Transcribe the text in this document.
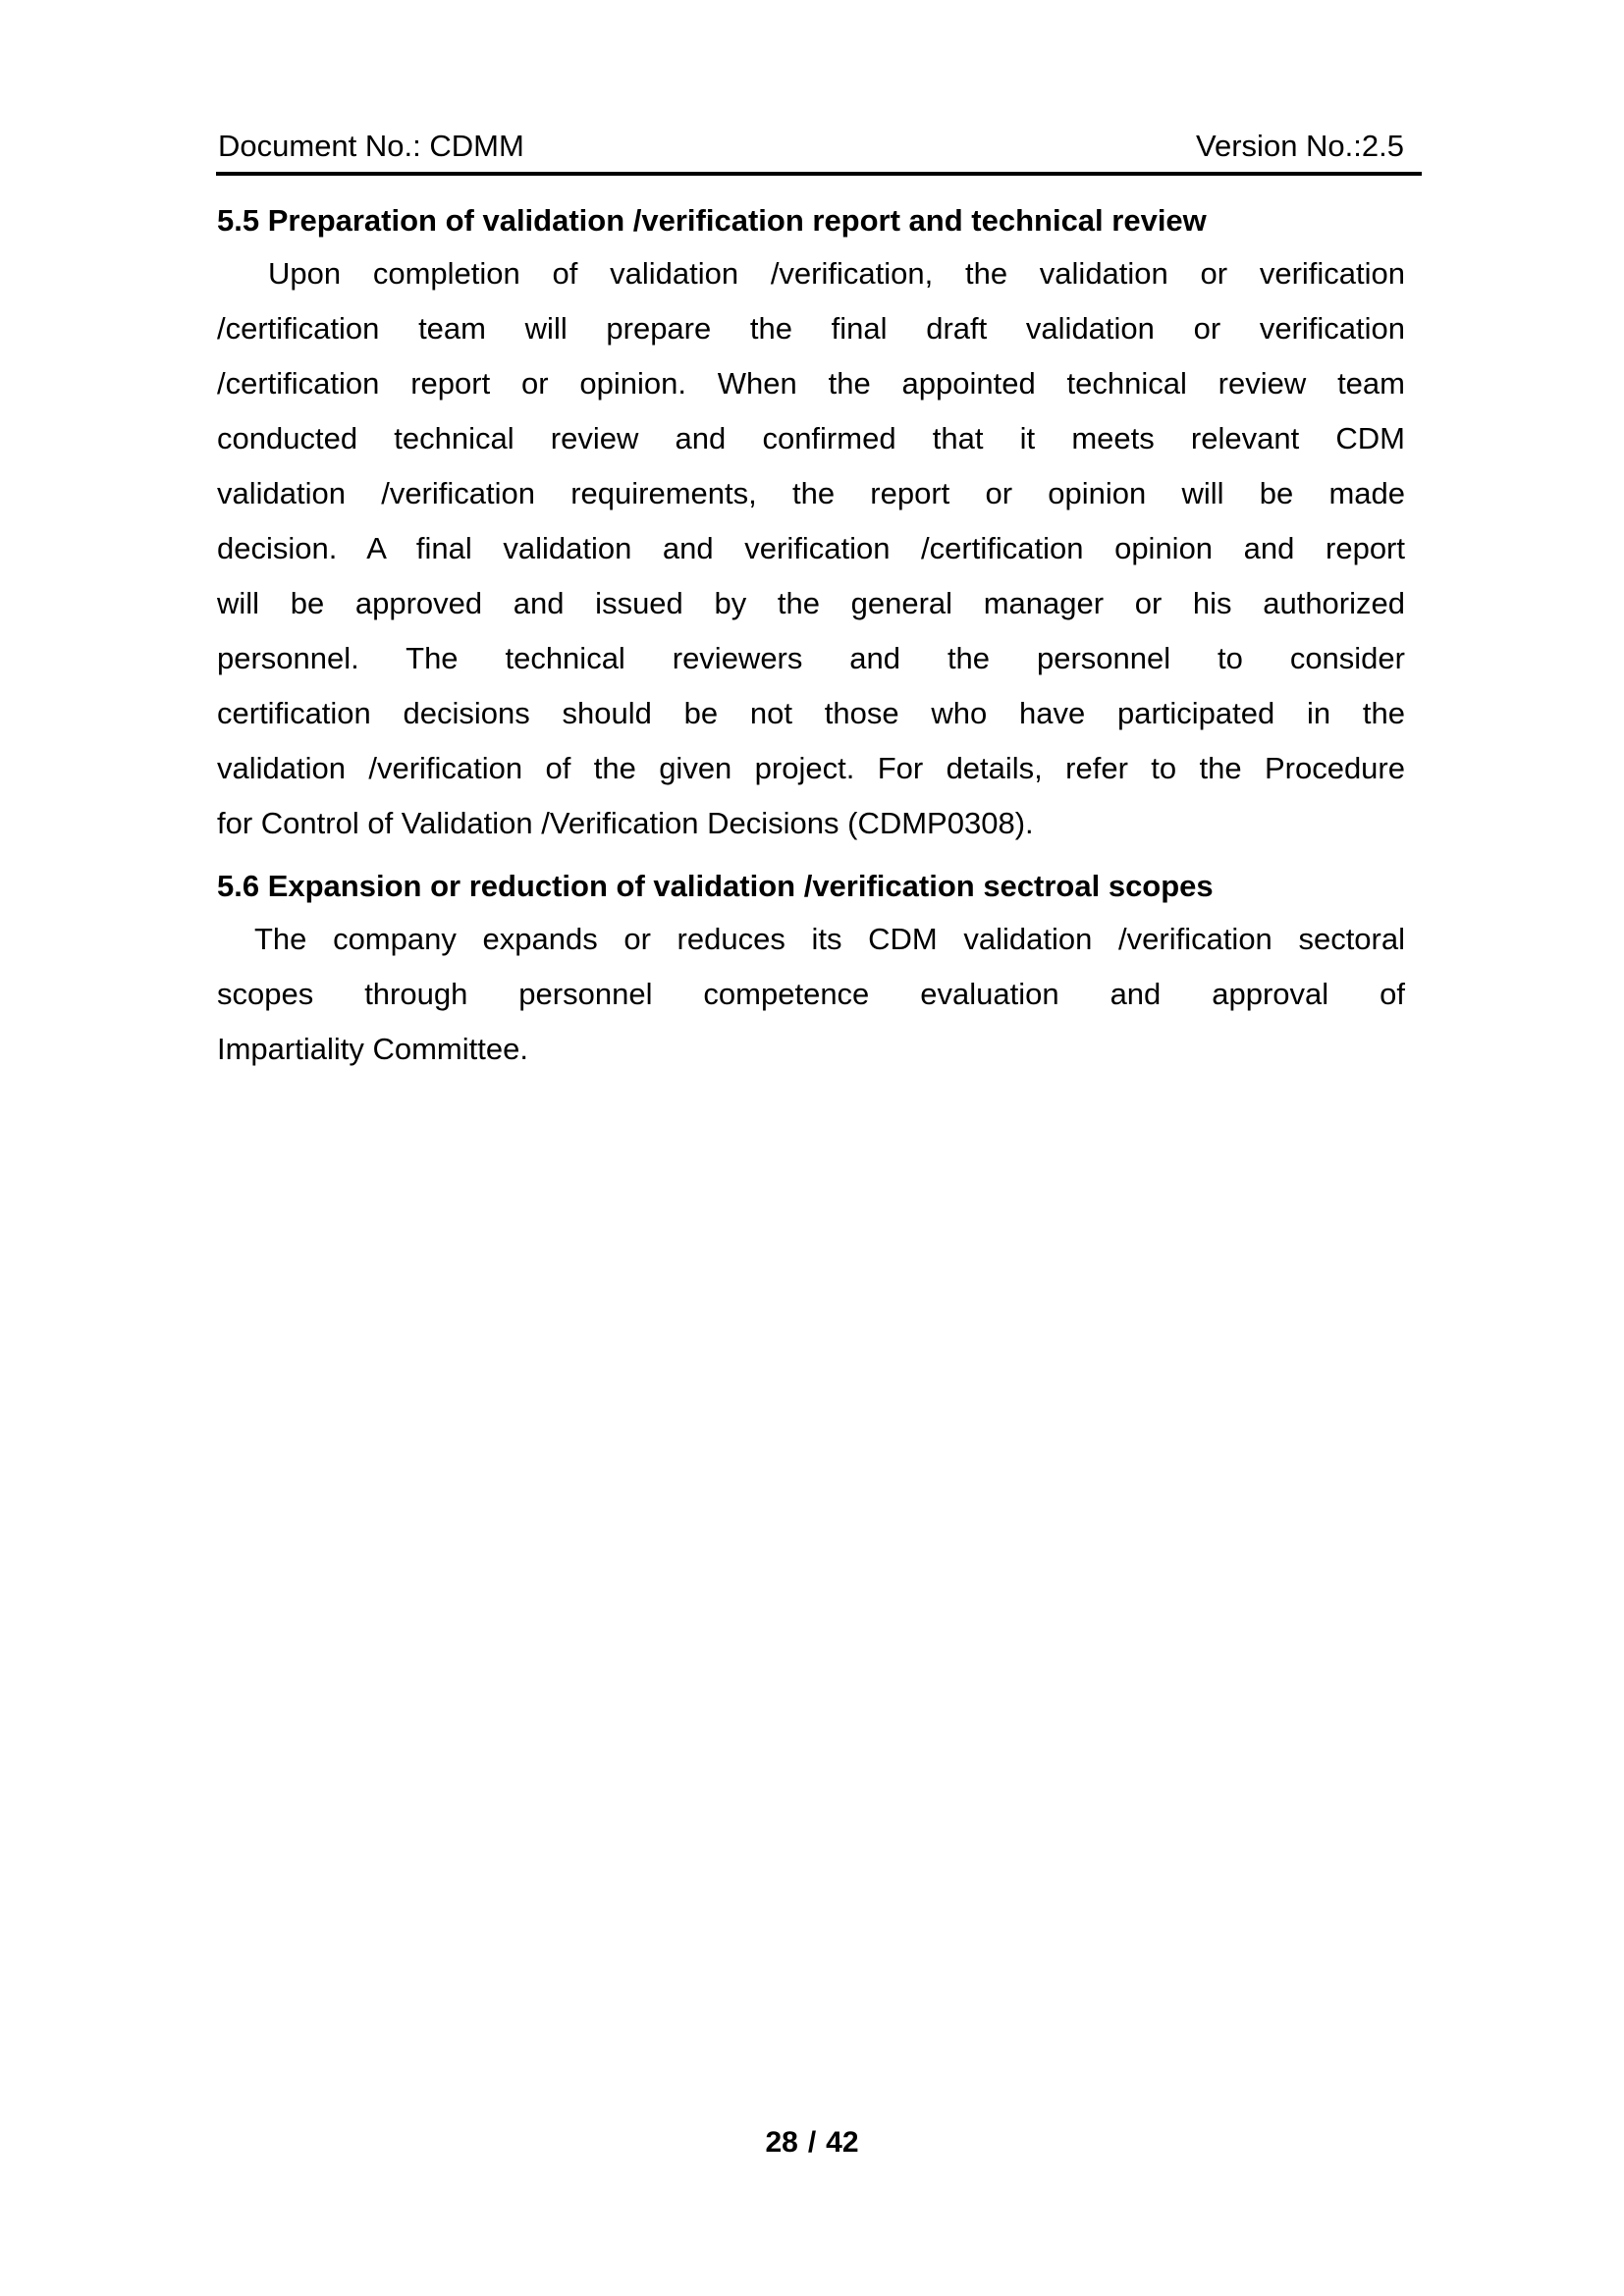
Document No.: CDMM	Version No.:2.5
5.5 Preparation of validation /verification report and technical review
Upon completion of validation /verification, the validation or verification
/certification team will prepare the final draft validation or verification
/certification report or opinion. When the appointed technical review team
conducted technical review and confirmed that it meets relevant CDM
validation /verification requirements, the report or opinion will be made
decision. A final validation and verification /certification opinion and report
will be approved and issued by the general manager or his authorized
personnel. The technical reviewers and the personnel to consider
certification decisions should be not those who have participated in the
validation /verification of the given project. For details, refer to the Procedure
for Control of Validation /Verification Decisions (CDMP0308).
5.6 Expansion or reduction of validation /verification sectroal scopes
The company expands or reduces its CDM validation /verification sectoral
scopes through personnel competence evaluation and approval of
Impartiality Committee.
28 / 42
